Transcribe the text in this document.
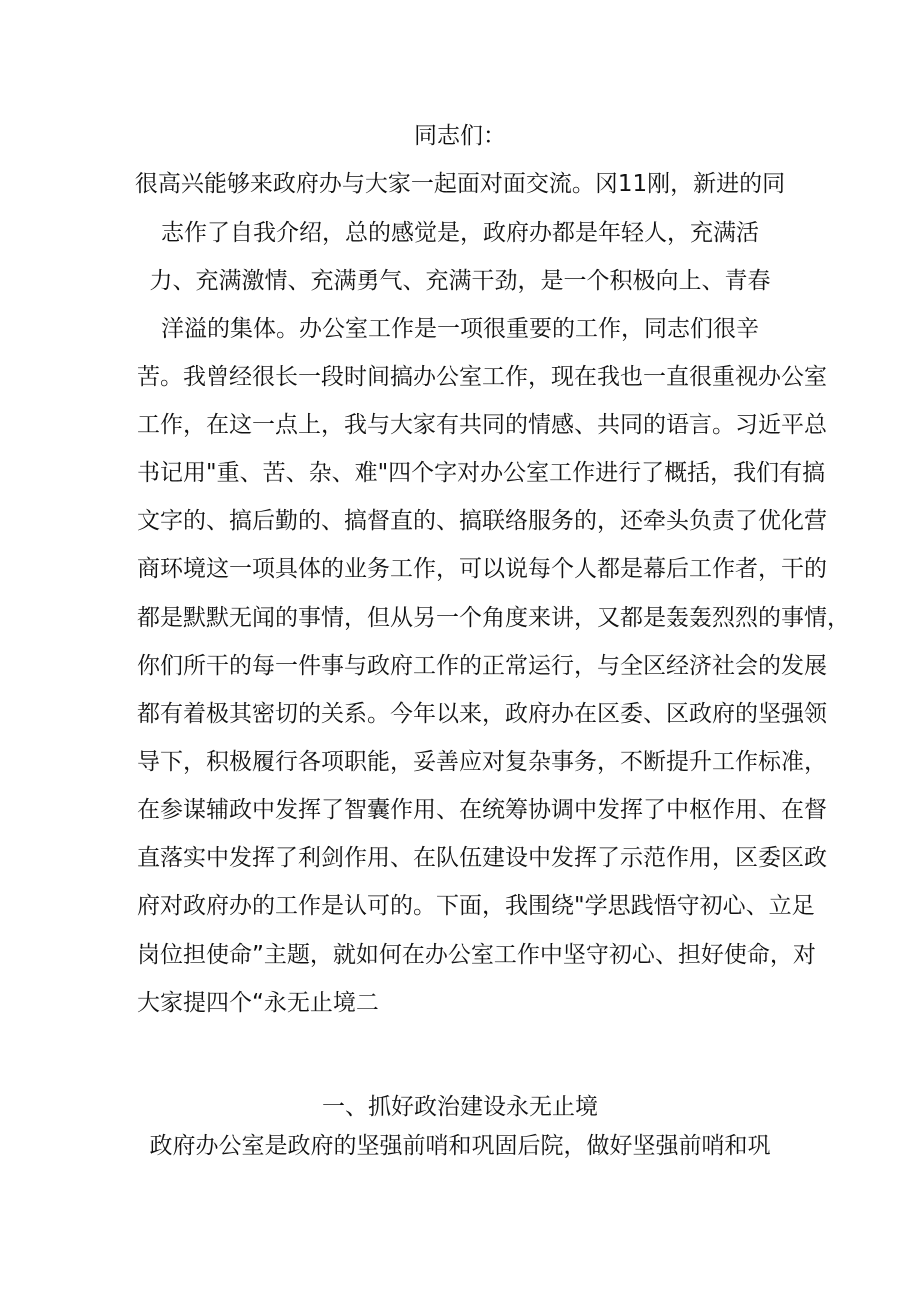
同志们：
很高兴能够来政府办与大家一起面对面交流。冈11刚，新进的同
志作了自我介绍，总的感觉是，政府办都是年轻人，充满活
力、充满激情、充满勇气、充满干劲，是一个积极向上、青春
洋溢的集体。办公室工作是一项很重要的工作，同志们很辛
苦。我曾经很长一段时间搞办公室工作，现在我也一直很重视办公室
工作，在这一点上，我与大家有共同的情感、共同的语言。习近平总
书记用"重、苦、杂、难"四个字对办公室工作进行了概括，我们有搞
文字的、搞后勤的、搞督直的、搞联络服务的，还牵头负责了优化营
商环境这一项具体的业务工作，可以说每个人都是幕后工作者，干的
都是默默无闻的事情，但从另一个角度来讲，又都是轰轰烈烈的事情，
你们所干的每一件事与政府工作的正常运行，与全区经济社会的发展
都有着极其密切的关系。今年以来，政府办在区委、区政府的坚强领
导下，积极履行各项职能，妥善应对复杂事务，不断提升工作标准，
在参谋辅政中发挥了智囊作用、在统筹协调中发挥了中枢作用、在督
直落实中发挥了利剑作用、在队伍建设中发挥了示范作用，区委区政
府对政府办的工作是认可的。下面，我围绕"学思践悟守初心、立足
岗位担使命”主题，就如何在办公室工作中坚守初心、担好使命，对
大家提四个“永无止境二
一、抓好政治建设永无止境
政府办公室是政府的坚强前哨和巩固后院，做好坚强前哨和巩
